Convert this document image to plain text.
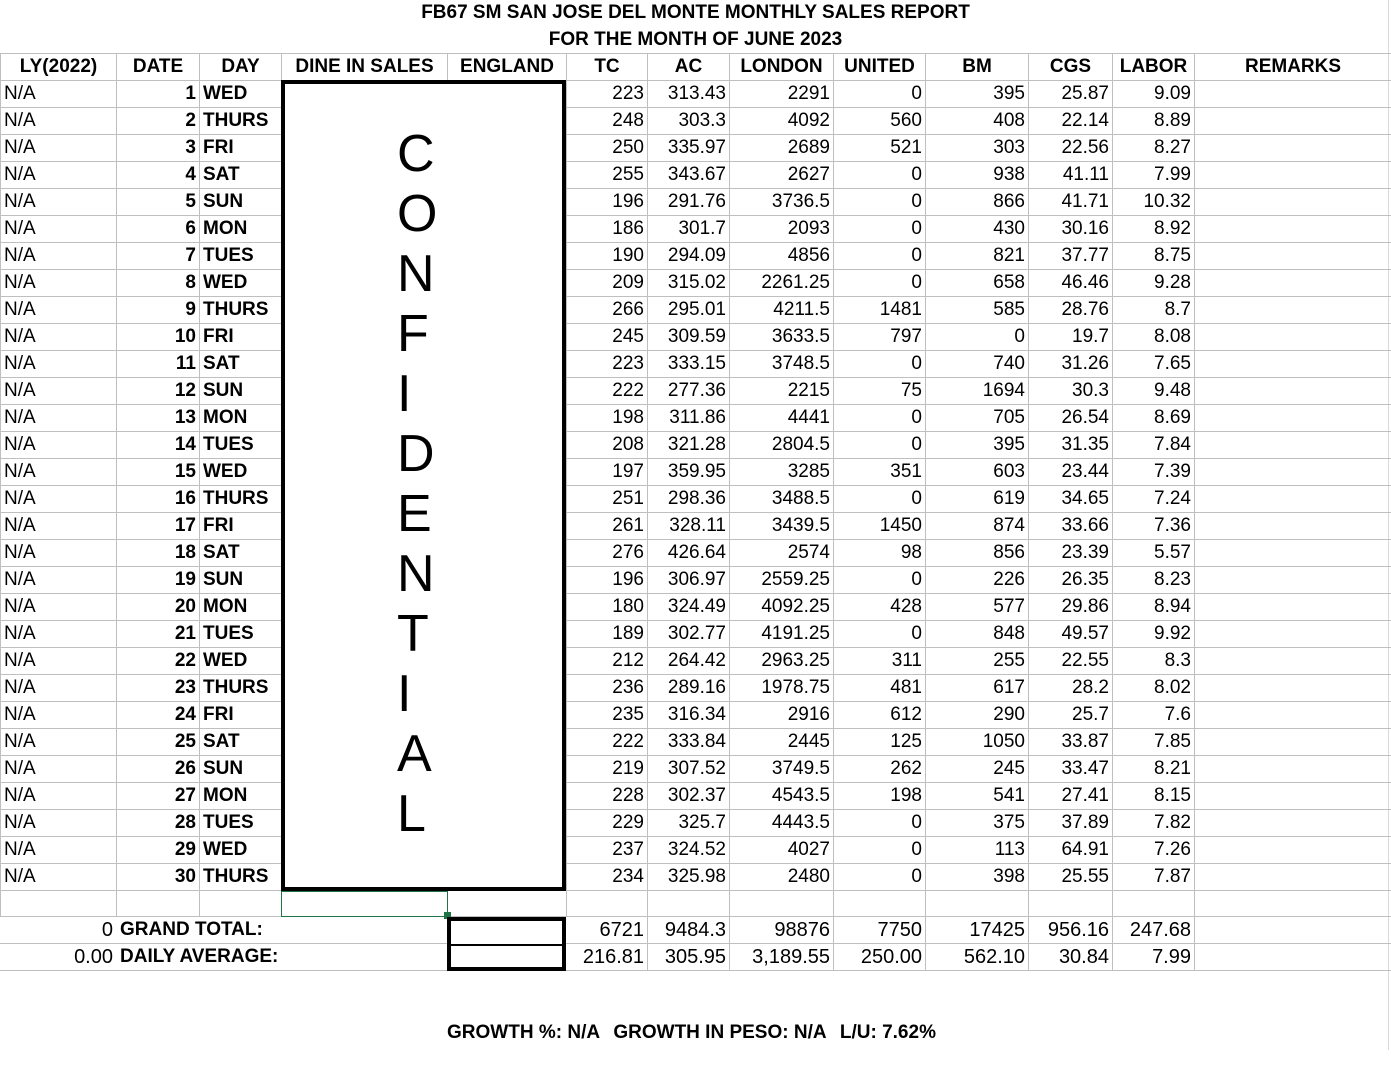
FB67 SM SAN JOSE DEL MONTE MONTHLY SALES REPORT
FOR THE MONTH OF JUNE 2023
LY(2022)	DATE	DAY	DINE IN SALES	ENGLAND	TC	AC	LONDON	UNITED	BM	CGS	LABOR	REMARKS
N/A	1	WED			223	313.43	2291	0	395	25.87	9.09	
N/A	2	THURS			248	303.3	4092	560	408	22.14	8.89	
N/A	3	FRI			250	335.97	2689	521	303	22.56	8.27	
N/A	4	SAT			255	343.67	2627	0	938	41.11	7.99	
N/A	5	SUN			196	291.76	3736.5	0	866	41.71	10.32	
N/A	6	MON			186	301.7	2093	0	430	30.16	8.92	
N/A	7	TUES			190	294.09	4856	0	821	37.77	8.75	
N/A	8	WED			209	315.02	2261.25	0	658	46.46	9.28	
N/A	9	THURS			266	295.01	4211.5	1481	585	28.76	8.7	
N/A	10	FRI			245	309.59	3633.5	797	0	19.7	8.08	
N/A	11	SAT			223	333.15	3748.5	0	740	31.26	7.65	
N/A	12	SUN			222	277.36	2215	75	1694	30.3	9.48	
N/A	13	MON			198	311.86	4441	0	705	26.54	8.69	
N/A	14	TUES			208	321.28	2804.5	0	395	31.35	7.84	
N/A	15	WED			197	359.95	3285	351	603	23.44	7.39	
N/A	16	THURS			251	298.36	3488.5	0	619	34.65	7.24	
N/A	17	FRI			261	328.11	3439.5	1450	874	33.66	7.36	
N/A	18	SAT			276	426.64	2574	98	856	23.39	5.57	
N/A	19	SUN			196	306.97	2559.25	0	226	26.35	8.23	
N/A	20	MON			180	324.49	4092.25	428	577	29.86	8.94	
N/A	21	TUES			189	302.77	4191.25	0	848	49.57	9.92	
N/A	22	WED			212	264.42	2963.25	311	255	22.55	8.3	
N/A	23	THURS			236	289.16	1978.75	481	617	28.2	8.02	
N/A	24	FRI			235	316.34	2916	612	290	25.7	7.6	
N/A	25	SAT			222	333.84	2445	125	1050	33.87	7.85	
N/A	26	SUN			219	307.52	3749.5	262	245	33.47	8.21	
N/A	27	MON			228	302.37	4543.5	198	541	27.41	8.15	
N/A	28	TUES			229	325.7	4443.5	0	375	37.89	7.82	
N/A	29	WED			237	324.52	4027	0	113	64.91	7.26	
N/A	30	THURS			234	325.98	2480	0	398	25.55	7.87	

0	GRAND TOTAL:				6721	9484.3	98876	7750	17425	956.16	247.68	
0.00	DAILY AVERAGE:				216.81	305.95	3,189.55	250.00	562.10	30.84	7.99	
C
O
N
F
I
D
E
N
T
I
A
L
GROWTH %: N/A GROWTH IN PESO: N/A L/U: 7.62%
